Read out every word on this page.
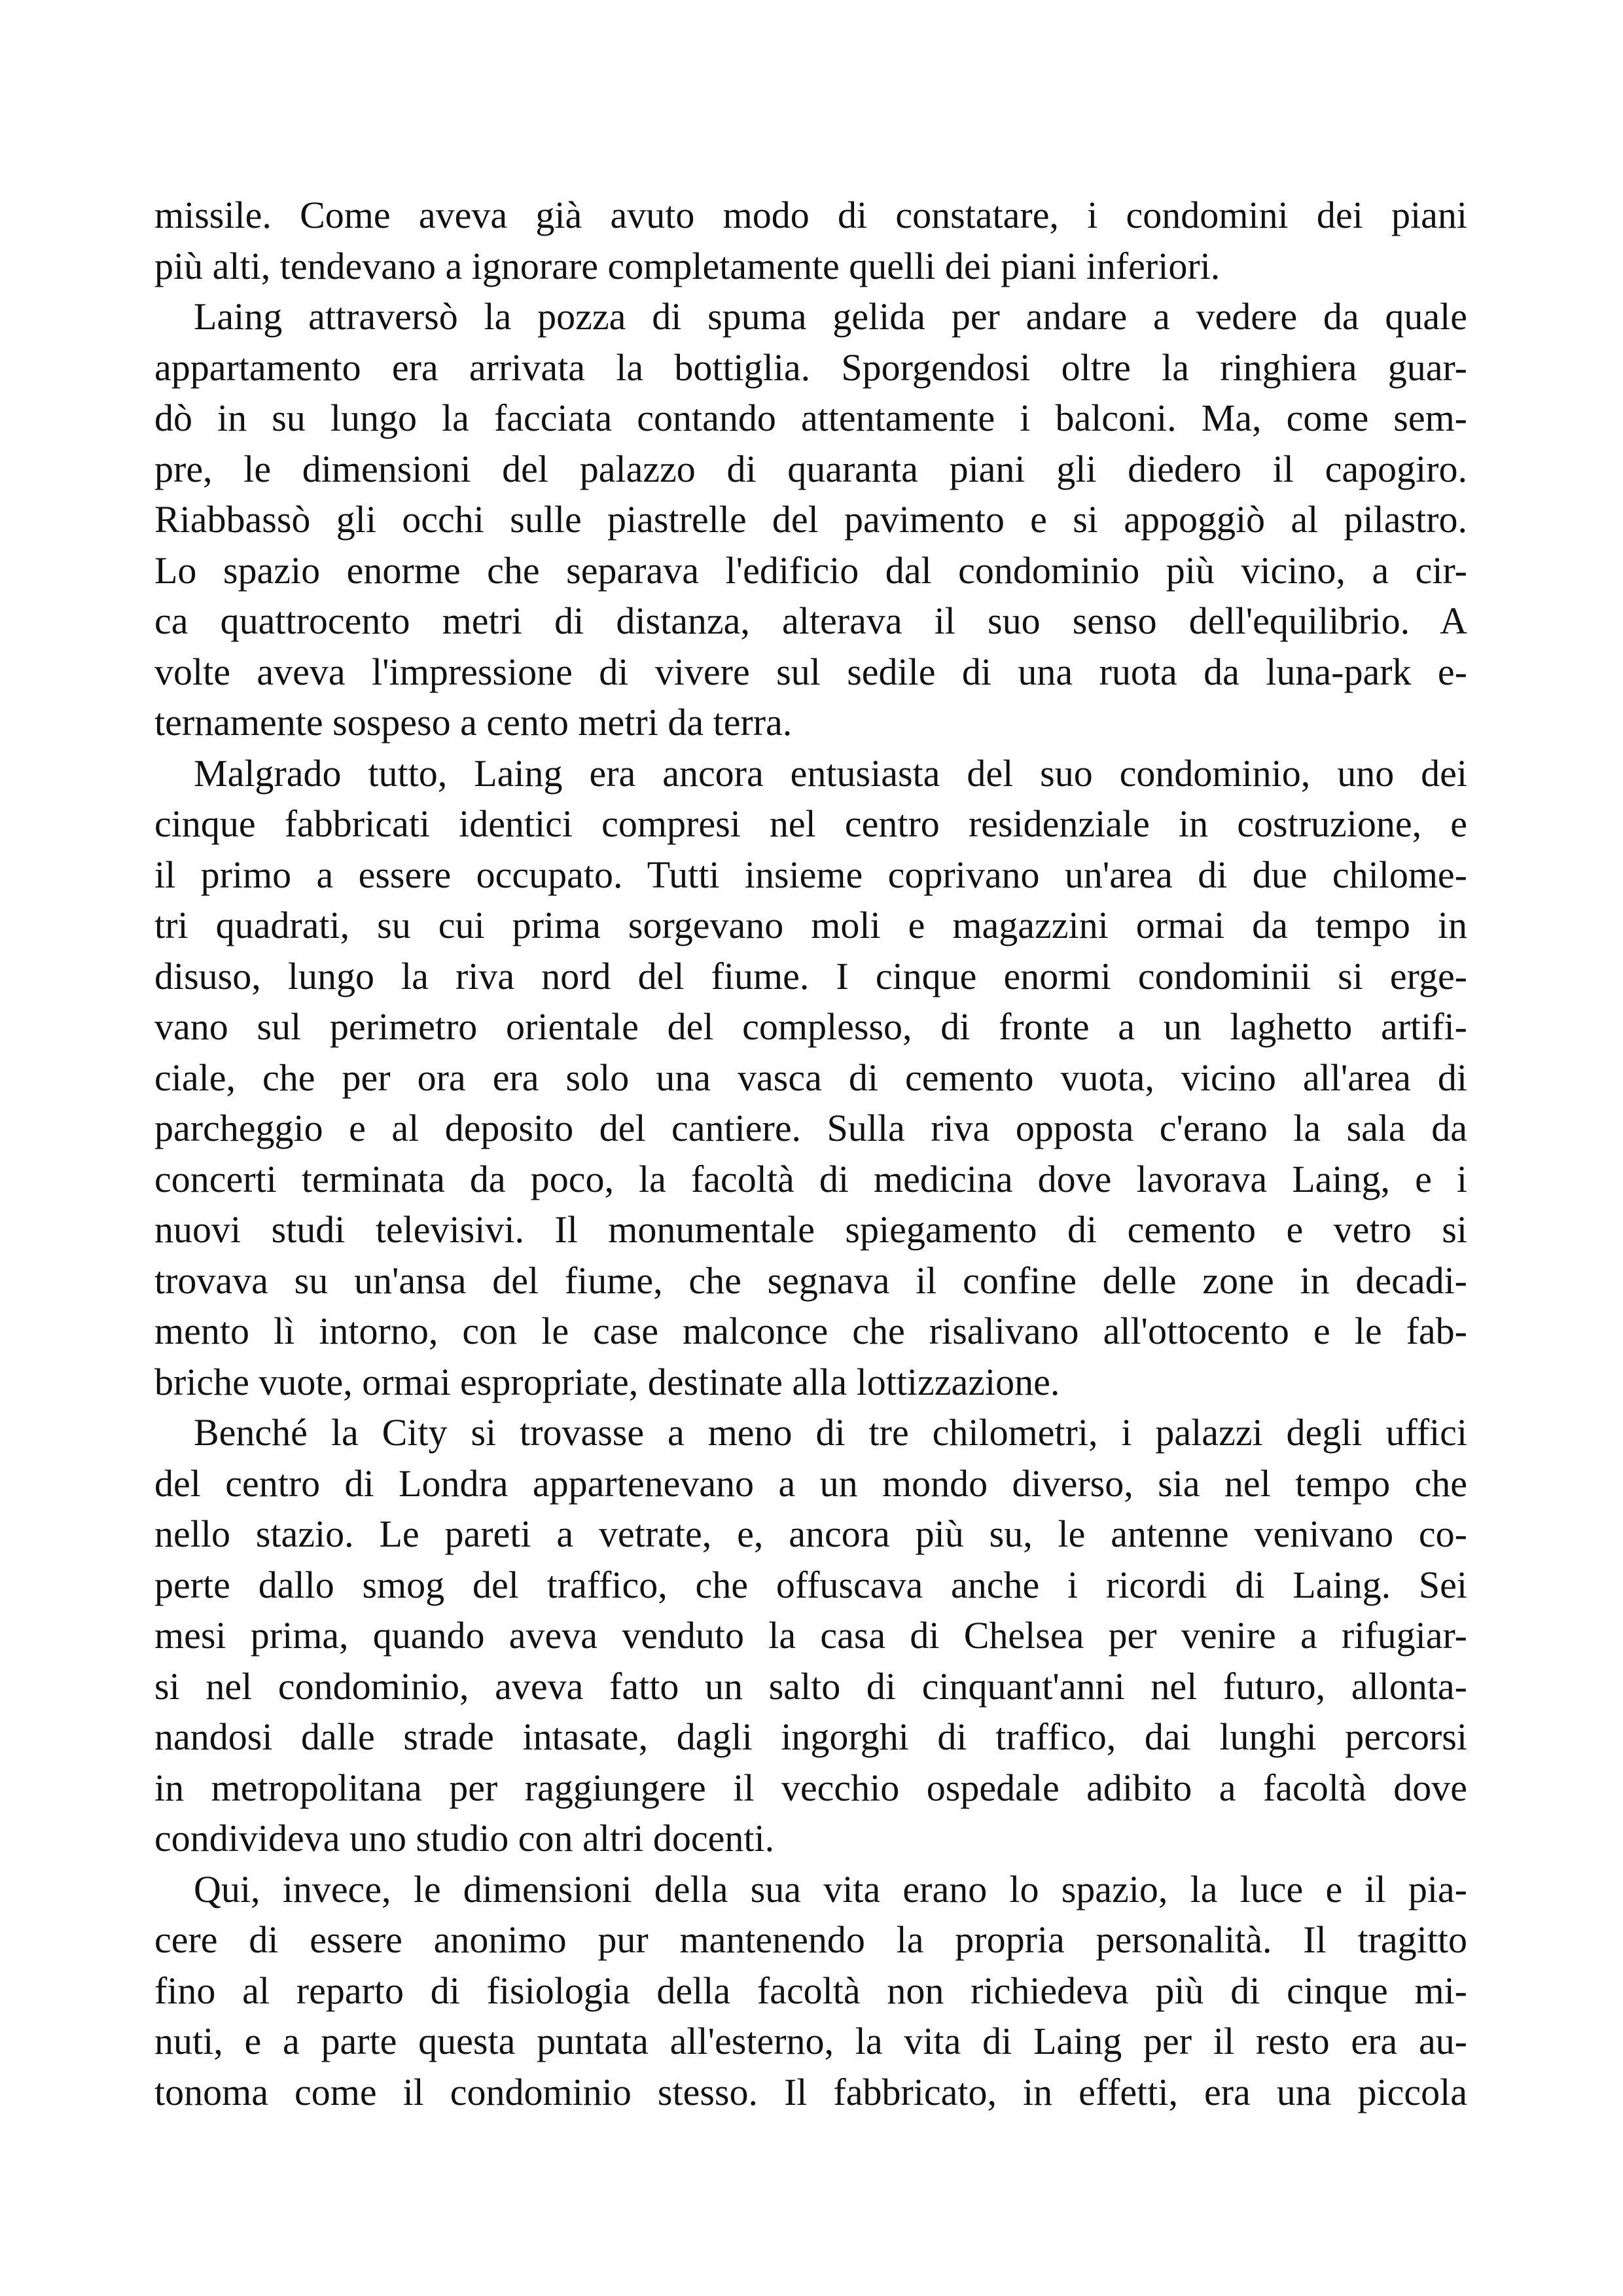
missile. Come aveva già avuto modo di constatare, i condomini dei piani
più alti, tendevano a ignorare completamente quelli dei piani inferiori.
Laing attraversò la pozza di spuma gelida per andare a vedere da quale
appartamento era arrivata la bottiglia. Sporgendosi oltre la ringhiera guar-
dò in su lungo la facciata contando attentamente i balconi. Ma, come sem-
pre, le dimensioni del palazzo di quaranta piani gli diedero il capogiro.
Riabbassò gli occhi sulle piastrelle del pavimento e si appoggiò al pilastro.
Lo spazio enorme che separava l'edificio dal condominio più vicino, a cir-
ca quattrocento metri di distanza, alterava il suo senso dell'equilibrio. A
volte aveva l'impressione di vivere sul sedile di una ruota da luna-park e-
ternamente sospeso a cento metri da terra.
Malgrado tutto, Laing era ancora entusiasta del suo condominio, uno dei
cinque fabbricati identici compresi nel centro residenziale in costruzione, e
il primo a essere occupato. Tutti insieme coprivano un'area di due chilome-
tri quadrati, su cui prima sorgevano moli e magazzini ormai da tempo in
disuso, lungo la riva nord del fiume. I cinque enormi condominii si erge-
vano sul perimetro orientale del complesso, di fronte a un laghetto artifi-
ciale, che per ora era solo una vasca di cemento vuota, vicino all'area di
parcheggio e al deposito del cantiere. Sulla riva opposta c'erano la sala da
concerti terminata da poco, la facoltà di medicina dove lavorava Laing, e i
nuovi studi televisivi. Il monumentale spiegamento di cemento e vetro si
trovava su un'ansa del fiume, che segnava il confine delle zone in decadi-
mento lì intorno, con le case malconce che risalivano all'ottocento e le fab-
briche vuote, ormai espropriate, destinate alla lottizzazione.
Benché la City si trovasse a meno di tre chilometri, i palazzi degli uffici
del centro di Londra appartenevano a un mondo diverso, sia nel tempo che
nello stazio. Le pareti a vetrate, e, ancora più su, le antenne venivano co-
perte dallo smog del traffico, che offuscava anche i ricordi di Laing. Sei
mesi prima, quando aveva venduto la casa di Chelsea per venire a rifugiar-
si nel condominio, aveva fatto un salto di cinquant'anni nel futuro, allonta-
nandosi dalle strade intasate, dagli ingorghi di traffico, dai lunghi percorsi
in metropolitana per raggiungere il vecchio ospedale adibito a facoltà dove
condivideva uno studio con altri docenti.
Qui, invece, le dimensioni della sua vita erano lo spazio, la luce e il pia-
cere di essere anonimo pur mantenendo la propria personalità. Il tragitto
fino al reparto di fisiologia della facoltà non richiedeva più di cinque mi-
nuti, e a parte questa puntata all'esterno, la vita di Laing per il resto era au-
tonoma come il condominio stesso. Il fabbricato, in effetti, era una piccola
